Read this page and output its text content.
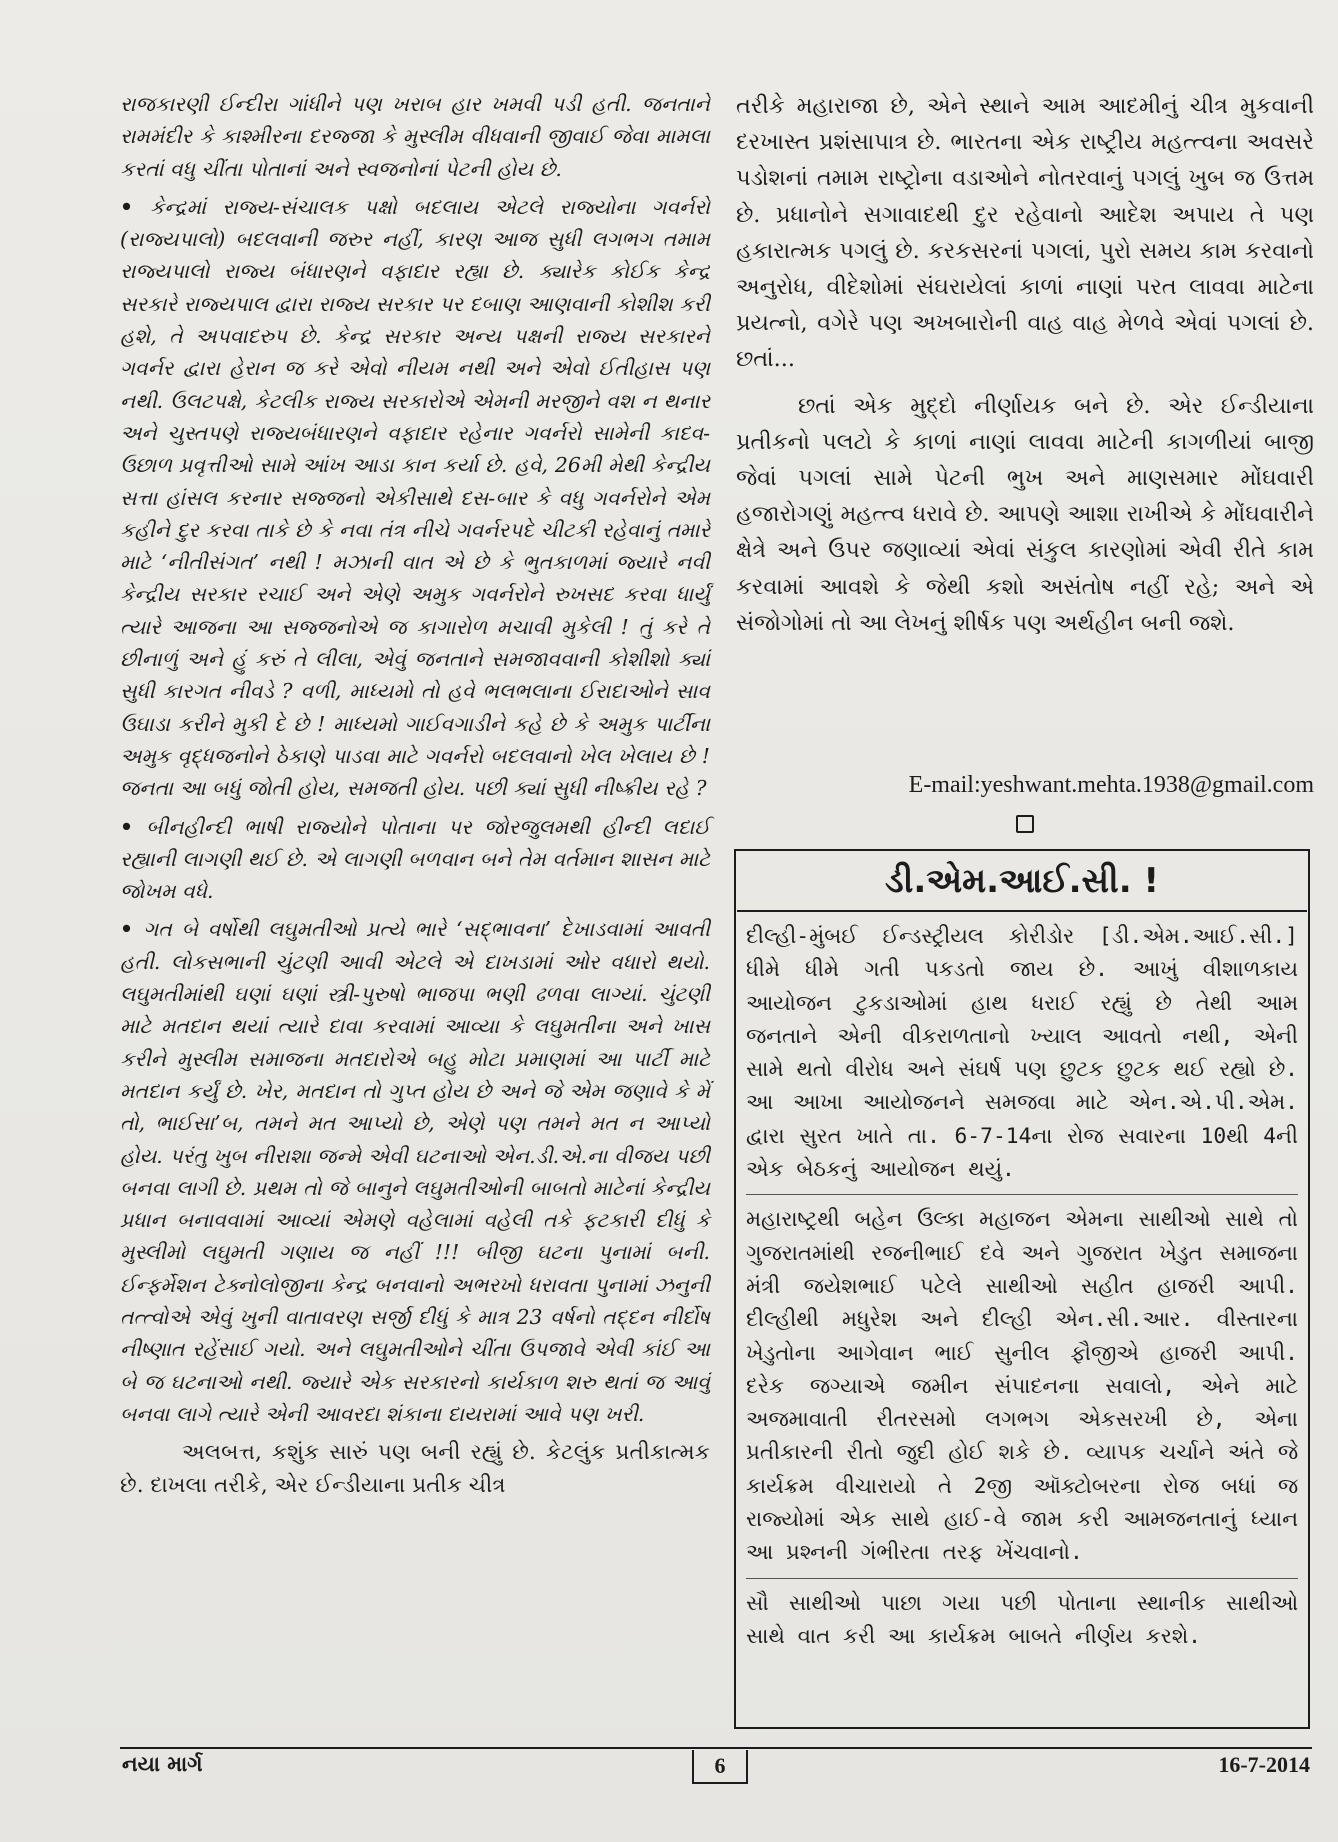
રાજકારણી ઈન્દીરા ગાંધીને પણ ખરાબ હાર ખમવી પડી હતી. જનતાને રામમંદીર કે કાશ્મીરના દરજ્જા કે મુસ્લીમ વીધવાની જીવાઈ જેવા મામલા કરતાં વધુ ચીંતા પોતાનાં અને સ્વજનોનાં પેટની હોય છે.

• કેન્દ્રમાં રાજ્ય-સંચાલક પક્ષો બદલાય એટલે રાજ્યોના ગવર્નરો (રાજ્યપાલો) બદલવાની જરુર નહીં, કારણ આજ સુધી લગભગ તમામ રાજ્યપાલો રાજ્ય બંધારણને વફાદાર રહ્યા છે. ક્યારેક કોઈક કેન્દ્ર સરકારે રાજ્યપાલ દ્વારા રાજ્ય સરકાર પર દબાણ આણવાની કોશીશ કરી હશે, તે અપવાદરુપ છે. કેન્દ્ર સરકાર અન્ય પક્ષની રાજ્ય સરકારને ગવર્નર દ્વારા હેરાન જ કરે એવો નીયમ નથી અને એવો ઈતીહાસ પણ નથી. ઉલટપક્ષે, કેટલીક રાજ્ય સરકારોએ એમની મરજીને વશ ન થનાર અને ચુસ્તપણે રાજ્યબંધારણને વફાદાર રહેનાર ગવર્નરો સામેની કાદવ-ઉછાળ પ્રવૃત્તીઓ સામે આંખ આડા કાન કર્યા છે. હવે, 26મી મેથી કેન્દ્રીય સત્તા હાંસલ કરનાર સજ્જનો એકીસાથે દસ-બાર કે વધુ ગવર્નરોને એમ કહીને દુર કરવા તાકે છે કે નવા તંત્ર નીચે ગવર્નરપદે ચીટકી રહેવાનું તમારે માટે ‘નીતીસંગત’ નથી ! મઝાની વાત એ છે કે ભુતકાળમાં જ્યારે નવી કેન્દ્રીય સરકાર રચાઈ અને એણે અમુક ગવર્નરોને રુખસદ કરવા ધાર્યું ત્યારે આજના આ સજ્જનોએ જ કાગારોળ મચાવી મુકેલી ! તું કરે તે છીનાળું અને હું કરું તે લીલા, એવું જનતાને સમજાવવાની કોશીશો ક્યાં સુધી કારગત નીવડે ? વળી, માધ્યમો તો હવે ભલભલાના ઈરાદાઓને સાવ ઉઘાડા કરીને મુકી દે છે ! માધ્યમો ગાઈવગાડીને કહે છે કે અમુક પાર્ટીના અમુક વૃદ્ધજનોને ઠેકાણે પાડવા માટે ગવર્નરો બદલવાનો ખેલ ખેલાય છે ! જનતા આ બધું જોતી હોય, સમજતી હોય. પછી ક્યાં સુધી નીષ્ક્રીય રહે ?

• બીનહીન્દી ભાષી રાજ્યોને પોતાના પર જોરજુલમથી હીન્દી લદાઈ રહ્યાની લાગણી થઈ છે. એ લાગણી બળવાન બને તેમ વર્તમાન શાસન માટે જોખમ વધે.

• ગત બે વર્ષોથી લઘુમતીઓ પ્રત્યે ભારે ‘સદ્ભાવના’ દેખાડવામાં આવતી હતી. લોકસભાની ચુંટણી આવી એટલે એ દાખડામાં ઓર વધારો થયો. લઘુમતીમાંથી ઘણાં ઘણાં સ્ત્રી-પુરુષો ભાજપા ભણી ઢળવા લાગ્યાં. ચુંટણી માટે મતદાન થયાં ત્યારે દાવા કરવામાં આવ્યા કે લઘુમતીના અને ખાસ કરીને મુસ્લીમ સમાજના મતદારોએ બહુ મોટા પ્રમાણમાં આ પાર્ટી માટે મતદાન કર્યું છે. ખેર, મતદાન તો ગુપ્ત હોય છે અને જે એમ જણાવે કે મેં તો, ભાઈસા’બ, તમને મત આપ્યો છે, એણે પણ તમને મત ન આપ્યો હોય. પરંતુ ખુબ નીરાશા જન્મે એવી ઘટનાઓ એન.ડી.એ.ના વીજય પછી બનવા લાગી છે. પ્રથમ તો જે બાનુને લઘુમતીઓની બાબતો માટેનાં કેન્દ્રીય પ્રધાન બનાવવામાં આવ્યાં એમણે વહેલામાં વહેલી તકે ફટકારી દીધું કે મુસ્લીમો લઘુમતી ગણાય જ નહીં !!! બીજી ઘટના પુનામાં બની. ઈન્ફર્મેશન ટેક્નોલોજીના કેન્દ્ર બનવાનો અભરખો ધરાવતા પુનામાં ઝનુની તત્ત્વોએ એવું ખુની વાતાવરણ સર્જી દીધું કે માત્ર 23 વર્ષનો તદ્દન નીર્દોષ નીષ્ણાત રહેંસાઈ ગયો. અને લઘુમતીઓને ચીંતા ઉપજાવે એવી કાંઈ આ બે જ ઘટનાઓ નથી. જ્યારે એક સરકારનો કાર્યકાળ શરુ થતાં જ આવું બનવા લાગે ત્યારે એની આવરદા શંકાના દાયરામાં આવે પણ ખરી.

અલબત્ત, કશુંક સારું પણ બની રહ્યું છે. કેટલુંક પ્રતીકાત્મક છે. દાખલા તરીકે, એર ઈન્ડીયાના પ્રતીક ચીત્ર

તરીકે મહારાજા છે, એને સ્થાને આમ આદમીનું ચીત્ર મુકવાની દરખાસ્ત પ્રશંસાપાત્ર છે. ભારતના એક રાષ્ટ્રીય મહત્ત્વના અવસરે પડોશનાં તમામ રાષ્ટ્રોના વડાઓને નોતરવાનું પગલું ખુબ જ ઉત્તમ છે. પ્રધાનોને સગાવાદથી દુર રહેવાનો આદેશ અપાય તે પણ હકારાત્મક પગલું છે. કરકસરનાં પગલાં, પુરો સમય કામ કરવાનો અનુરોધ, વીદેશોમાં સંઘરાયેલાં કાળાં નાણાં પરત લાવવા માટેના પ્રયત્નો, વગેરે પણ અખબારોની વાહ વાહ મેળવે એવાં પગલાં છે. છતાં...

છતાં એક મુદ્દો નીર્ણાયક બને છે. એર ઈન્ડીયાના પ્રતીકનો પલટો કે કાળાં નાણાં લાવવા માટેની કાગળીયાં બાજી જેવાં પગલાં સામે પેટની ભુખ અને માણસમાર મોંઘવારી હજારોગણું મહત્ત્વ ધરાવે છે. આપણે આશા રાખીએ કે મોંઘવારીને ક્ષેત્રે અને ઉપર જણાવ્યાં એવાં સંકુલ કારણોમાં એવી રીતે કામ કરવામાં આવશે કે જેથી કશો અસંતોષ નહીં રહે; અને એ સંજોગોમાં તો આ લેખનું શીર્ષક પણ અર્થહીન બની જશે.

E-mail:yeshwant.mehta.1938@gmail.com
ડી.એમ.આઈ.સી. !

દીલ્હી-મુંબઈ ઈન્ડસ્ટ્રીયલ કોરીડોર [ડી.એમ.આઈ.સી.] ધીમે ધીમે ગતી પકડતો જાય છે. આખું વીશાળકાય આયોજન ટુકડાઓમાં હાથ ધરાઈ રહ્યું છે તેથી આમ જનતાને એની વીકરાળતાનો ખ્યાલ આવતો નથી, એની સામે થતો વીરોધ અને સંઘર્ષ પણ છુટક છુટક થઈ રહ્યો છે. આ આખા આયોજનને સમજવા માટે એન.એ.પી.એમ. દ્વારા સુરત ખાતે તા. 6-7-14ના રોજ સવારના 10થી 4ની એક બેઠકનું આયોજન થયું.

મહારાષ્ટ્રથી બહેન ઉલ્કા મહાજન એમના સાથીઓ સાથે તો ગુજરાતમાંથી રજનીભાઈ દવે અને ગુજરાત ખેડુત સમાજના મંત્રી જયેશભાઈ પટેલે સાથીઓ સહીત હાજરી આપી. દીલ્હીથી મધુરેશ અને દીલ્હી એન.સી.આર. વીસ્તારના ખેડુતોના આગેવાન ભાઈ સુનીલ ફૌજીએ હાજરી આપી. દરેક જગ્યાએ જમીન સંપાદનના સવાલો, એને માટે અજમાવાતી રીતરસમો લગભગ એકસરખી છે, એના પ્રતીકારની રીતો જુદી હોઈ શકે છે. વ્યાપક ચર્ચાને અંતે જે કાર્યક્રમ વીચારાયો તે 2જી ઑક્ટોબરના રોજ બધાં જ રાજ્યોમાં એક સાથે હાઈ-વે જામ કરી આમજનતાનું ધ્યાન આ પ્રશ્નની ગંભીરતા તરફ ખેંચવાનો.

સૌ સાથીઓ પાછા ગયા પછી પોતાના સ્થાનીક સાથીઓ સાથે વાત કરી આ કાર્યક્રમ બાબતે નીર્ણય કરશે.

નયા માર્ગ	6	16-7-2014
